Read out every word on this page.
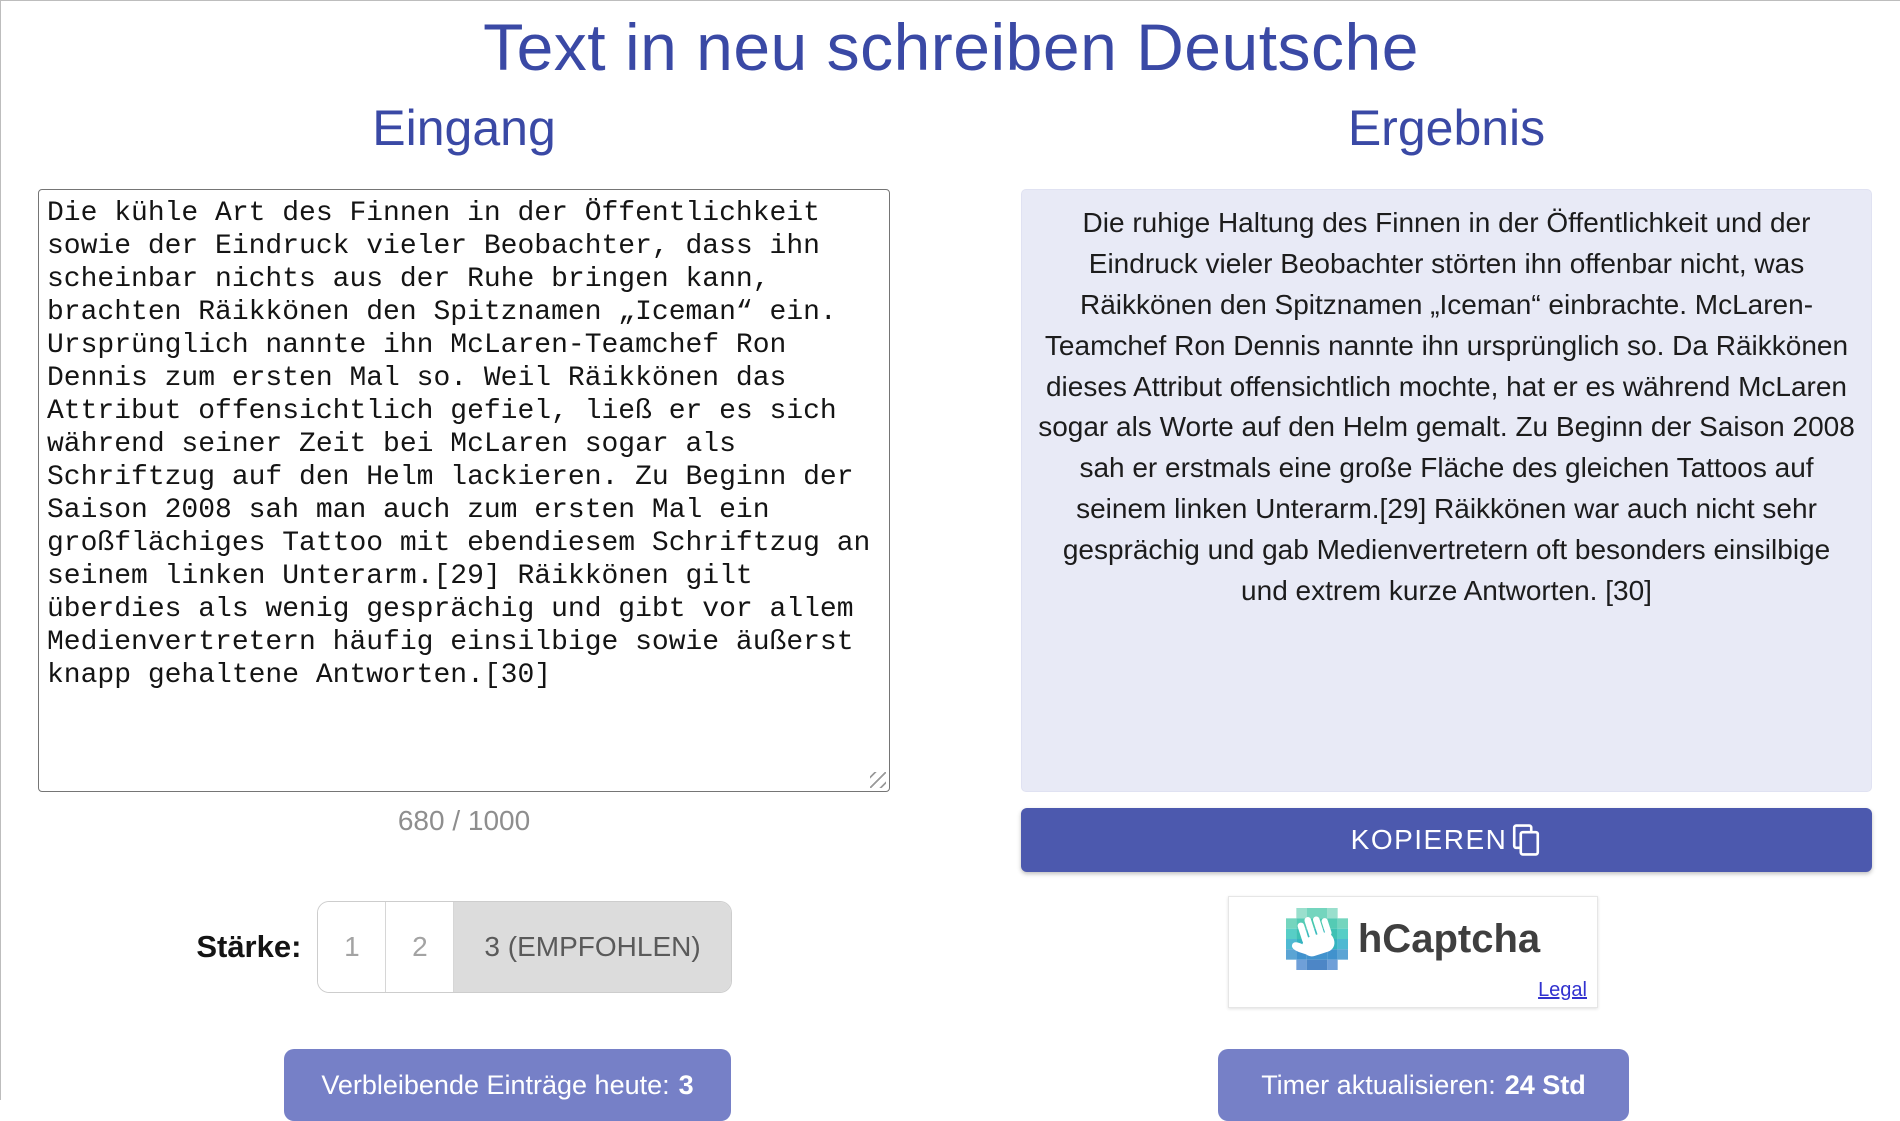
Text in neu schreiben Deutsche
Eingang
Die kühle Art des Finnen in der Öffentlichkeit sowie der Eindruck vieler Beobachter, dass ihn scheinbar nichts aus der Ruhe bringen kann, brachten Räikkönen den Spitznamen „Iceman“ ein. Ursprünglich nannte ihn McLaren-Teamchef Ron Dennis zum ersten Mal so. Weil Räikkönen das Attribut offensichtlich gefiel, ließ er es sich während seiner Zeit bei McLaren sogar als Schriftzug auf den Helm lackieren. Zu Beginn der Saison 2008 sah man auch zum ersten Mal ein großflächiges Tattoo mit ebendiesem Schriftzug an seinem linken Unterarm.[29] Räikkönen gilt überdies als wenig gesprächig und gibt vor allem Medienvertretern häufig einsilbige sowie äußerst knapp gehaltene Antworten.[30]
680 / 1000
Stärke:	1	2	3 (EMPFOHLEN)
Verbleibende Einträge heute: 3
Ergebnis
Die ruhige Haltung des Finnen in der Öffentlichkeit und der Eindruck vieler Beobachter störten ihn offenbar nicht, was Räikkönen den Spitznamen „Iceman“ einbrachte. McLaren-Teamchef Ron Dennis nannte ihn ursprünglich so. Da Räikkönen dieses Attribut offensichtlich mochte, hat er es während McLaren sogar als Worte auf den Helm gemalt. Zu Beginn der Saison 2008 sah er erstmals eine große Fläche des gleichen Tattoos auf seinem linken Unterarm.[29] Räikkönen war auch nicht sehr gesprächig und gab Medienvertretern oft besonders einsilbige und extrem kurze Antworten. [30]
KOPIEREN
hCaptcha
Legal
Timer aktualisieren: 24 Std
